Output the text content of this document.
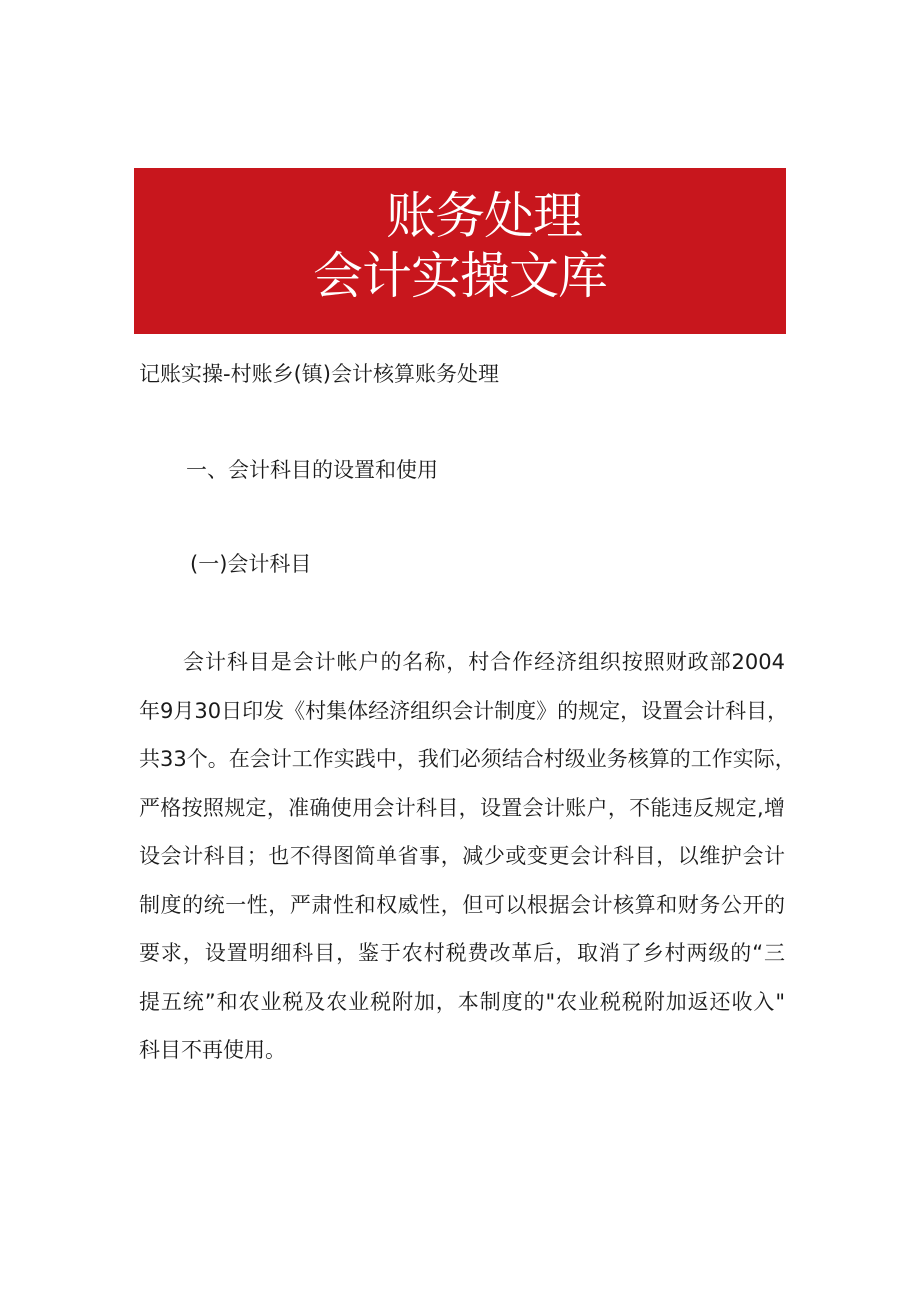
账务处理
会计实操文库
记账实操-村账乡(镇)会计核算账务处理
一、会计科目的设置和使用
(一)会计科目
会计科目是会计帐户的名称，村合作经济组织按照财政部2004
年9月30日印发《村集体经济组织会计制度》的规定，设置会计科目，
共33个。在会计工作实践中，我们必须结合村级业务核算的工作实际，
严格按照规定，准确使用会计科目，设置会计账户，不能违反规定,增
设会计科目；也不得图简单省事，减少或变更会计科目，以维护会计
制度的统一性，严肃性和权威性，但可以根据会计核算和财务公开的
要求，设置明细科目，鉴于农村税费改革后，取消了乡村两级的“三
提五统”和农业税及农业税附加，本制度的"农业税税附加返还收入"
科目不再使用。
